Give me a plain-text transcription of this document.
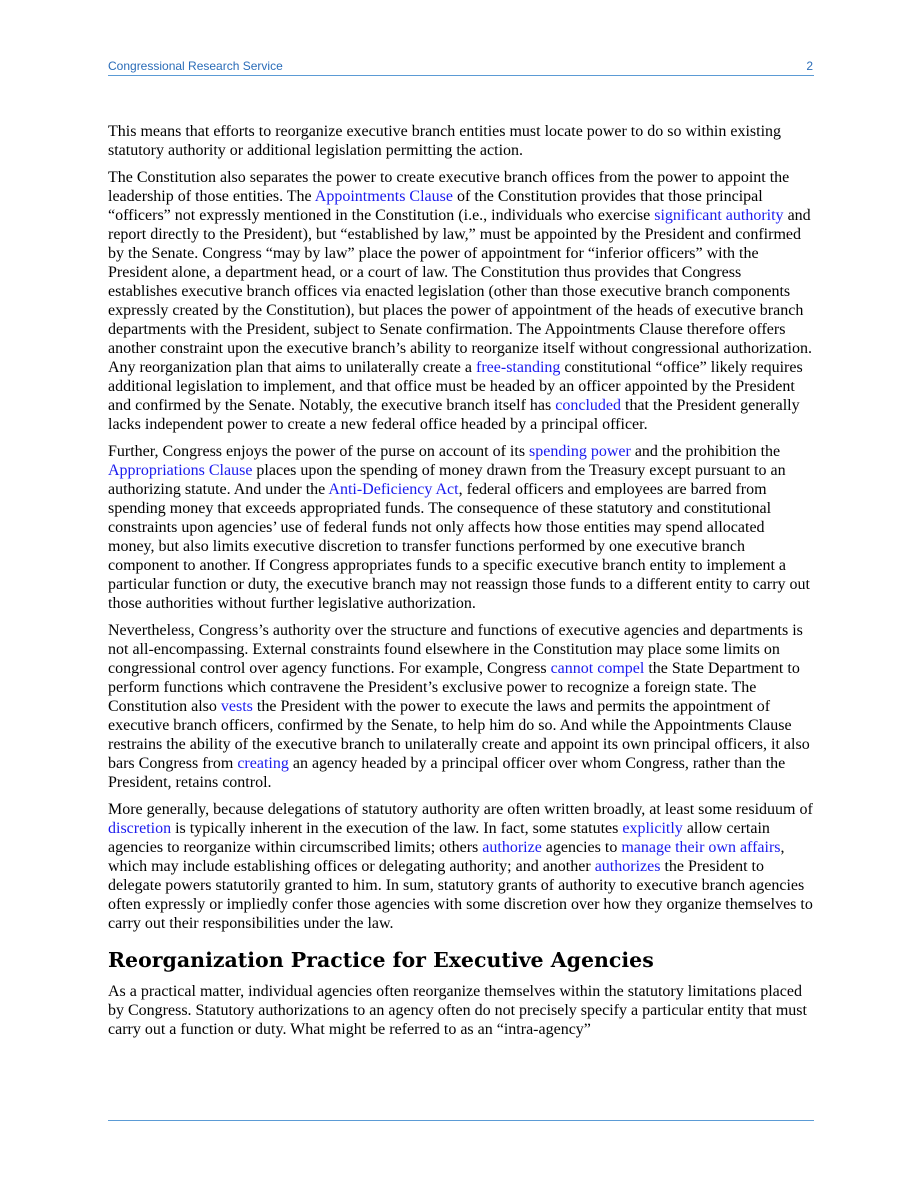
Congressional Research Service	2

This means that efforts to reorganize executive branch entities must locate power to do so within existing statutory authority or additional legislation permitting the action.

The Constitution also separates the power to create executive branch offices from the power to appoint the leadership of those entities. The Appointments Clause of the Constitution provides that those principal “officers” not expressly mentioned in the Constitution (i.e., individuals who exercise significant authority and report directly to the President), but “established by law,” must be appointed by the President and confirmed by the Senate. Congress “may by law” place the power of appointment for “inferior officers” with the President alone, a department head, or a court of law. The Constitution thus provides that Congress establishes executive branch offices via enacted legislation (other than those executive branch components expressly created by the Constitution), but places the power of appointment of the heads of executive branch departments with the President, subject to Senate confirmation. The Appointments Clause therefore offers another constraint upon the executive branch’s ability to reorganize itself without congressional authorization. Any reorganization plan that aims to unilaterally create a free-standing constitutional “office” likely requires additional legislation to implement, and that office must be headed by an officer appointed by the President and confirmed by the Senate. Notably, the executive branch itself has concluded that the President generally lacks independent power to create a new federal office headed by a principal officer.

Further, Congress enjoys the power of the purse on account of its spending power and the prohibition the Appropriations Clause places upon the spending of money drawn from the Treasury except pursuant to an authorizing statute. And under the Anti-Deficiency Act, federal officers and employees are barred from spending money that exceeds appropriated funds. The consequence of these statutory and constitutional constraints upon agencies’ use of federal funds not only affects how those entities may spend allocated money, but also limits executive discretion to transfer functions performed by one executive branch component to another. If Congress appropriates funds to a specific executive branch entity to implement a particular function or duty, the executive branch may not reassign those funds to a different entity to carry out those authorities without further legislative authorization.

Nevertheless, Congress’s authority over the structure and functions of executive agencies and departments is not all-encompassing. External constraints found elsewhere in the Constitution may place some limits on congressional control over agency functions. For example, Congress cannot compel the State Department to perform functions which contravene the President’s exclusive power to recognize a foreign state. The Constitution also vests the President with the power to execute the laws and permits the appointment of executive branch officers, confirmed by the Senate, to help him do so. And while the Appointments Clause restrains the ability of the executive branch to unilaterally create and appoint its own principal officers, it also bars Congress from creating an agency headed by a principal officer over whom Congress, rather than the President, retains control.

More generally, because delegations of statutory authority are often written broadly, at least some residuum of discretion is typically inherent in the execution of the law. In fact, some statutes explicitly allow certain agencies to reorganize within circumscribed limits; others authorize agencies to manage their own affairs, which may include establishing offices or delegating authority; and another authorizes the President to delegate powers statutorily granted to him. In sum, statutory grants of authority to executive branch agencies often expressly or impliedly confer those agencies with some discretion over how they organize themselves to carry out their responsibilities under the law.

Reorganization Practice for Executive Agencies

As a practical matter, individual agencies often reorganize themselves within the statutory limitations placed by Congress. Statutory authorizations to an agency often do not precisely specify a particular entity that must carry out a function or duty. What might be referred to as an “intra-agency”
